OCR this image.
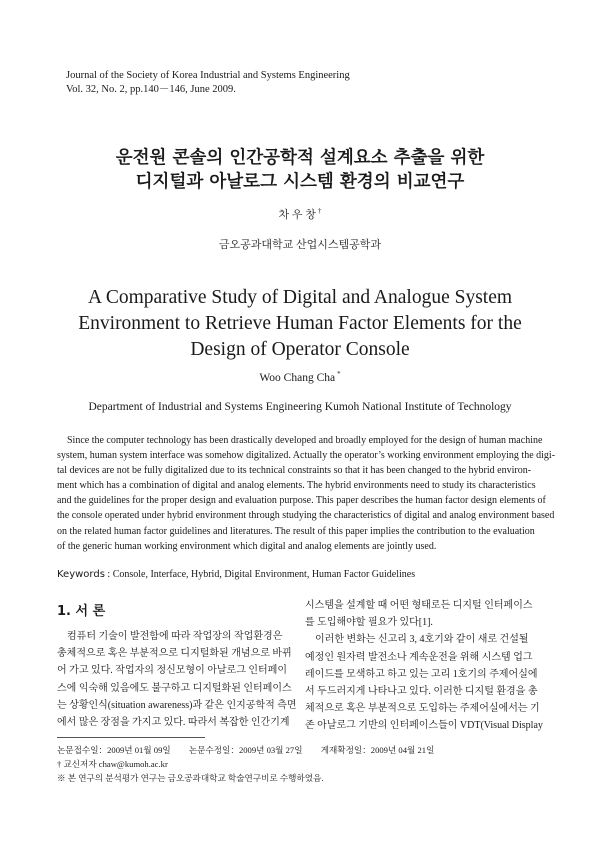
Journal of the Society of Korea Industrial and Systems Engineering
Vol. 32, No. 2, pp.140－146, June 2009.
운전원 콘솔의 인간공학적 설계요소 추출을 위한
디지털과 아날로그 시스템 환경의 비교연구
차 우 창 †
금오공과대학교 산업시스템공학과
A Comparative Study of Digital and Analogue System
Environment to Retrieve Human Factor Elements for the
Design of Operator Console
Woo Chang Cha *
Department of Industrial and Systems Engineering Kumoh National Institute of Technology
Since the computer technology has been drastically developed and broadly employed for the design of human machine
system, human system interface was somehow digitalized. Actually the operator’s working environment employing the digi-
tal devices are not be fully digitalized due to its technical constraints so that it has been changed to the hybrid environ-
ment which has a combination of digital and analog elements. The hybrid environments need to study its characteristics
and the guidelines for the proper design and evaluation purpose. This paper describes the human factor design elements of
the console operated under hybrid environment through studying the characteristics of digital and analog environment based
on the related human factor guidelines and literatures. The result of this paper implies the contribution to the evaluation
of the generic human working environment which digital and analog elements are jointly used.
Keywords : Console, Interface, Hybrid, Digital Environment, Human Factor Guidelines
1. 서 론
컴퓨터 기술이 발전함에 따라 작업장의 작업환경은
총체적으로 혹은 부분적으로 디지털화된 개념으로 바뀌
어 가고 있다. 작업자의 정신모형이 아날로그 인터페이
스에 익숙해 있음에도 불구하고 디지털화된 인터페이스
는 상황인식(situation awareness)과 같은 인지공학적 측면
에서 많은 장점을 가지고 있다. 따라서 복잡한 인간기계
시스템을 설계할 때 어떤 형태로든 디지털 인터페이스
를 도입해야할 필요가 있다[1].
이러한 변화는 신고리 3, 4호기와 같이 새로 건설될
예정인 원자력 발전소나 계속운전을 위해 시스템 업그
레이드를 모색하고 하고 있는 고리 1호기의 주제어실에
서 두드러지게 나타나고 있다. 이러한 디지털 환경을 총
체적으로 혹은 부분적으로 도입하는 주제어실에서는 기
존 아날로그 기반의 인터페이스들이 VDT(Visual Display
논문접수일：2009년 01월 09일 논문수정일：2009년 03월 27일 게재확정일：2009년 04월 21일
† 교신저자 chaw@kumoh.ac.kr
※ 본 연구의 분석평가 연구는 금오공과대학교 학술연구비로 수행하였음.
